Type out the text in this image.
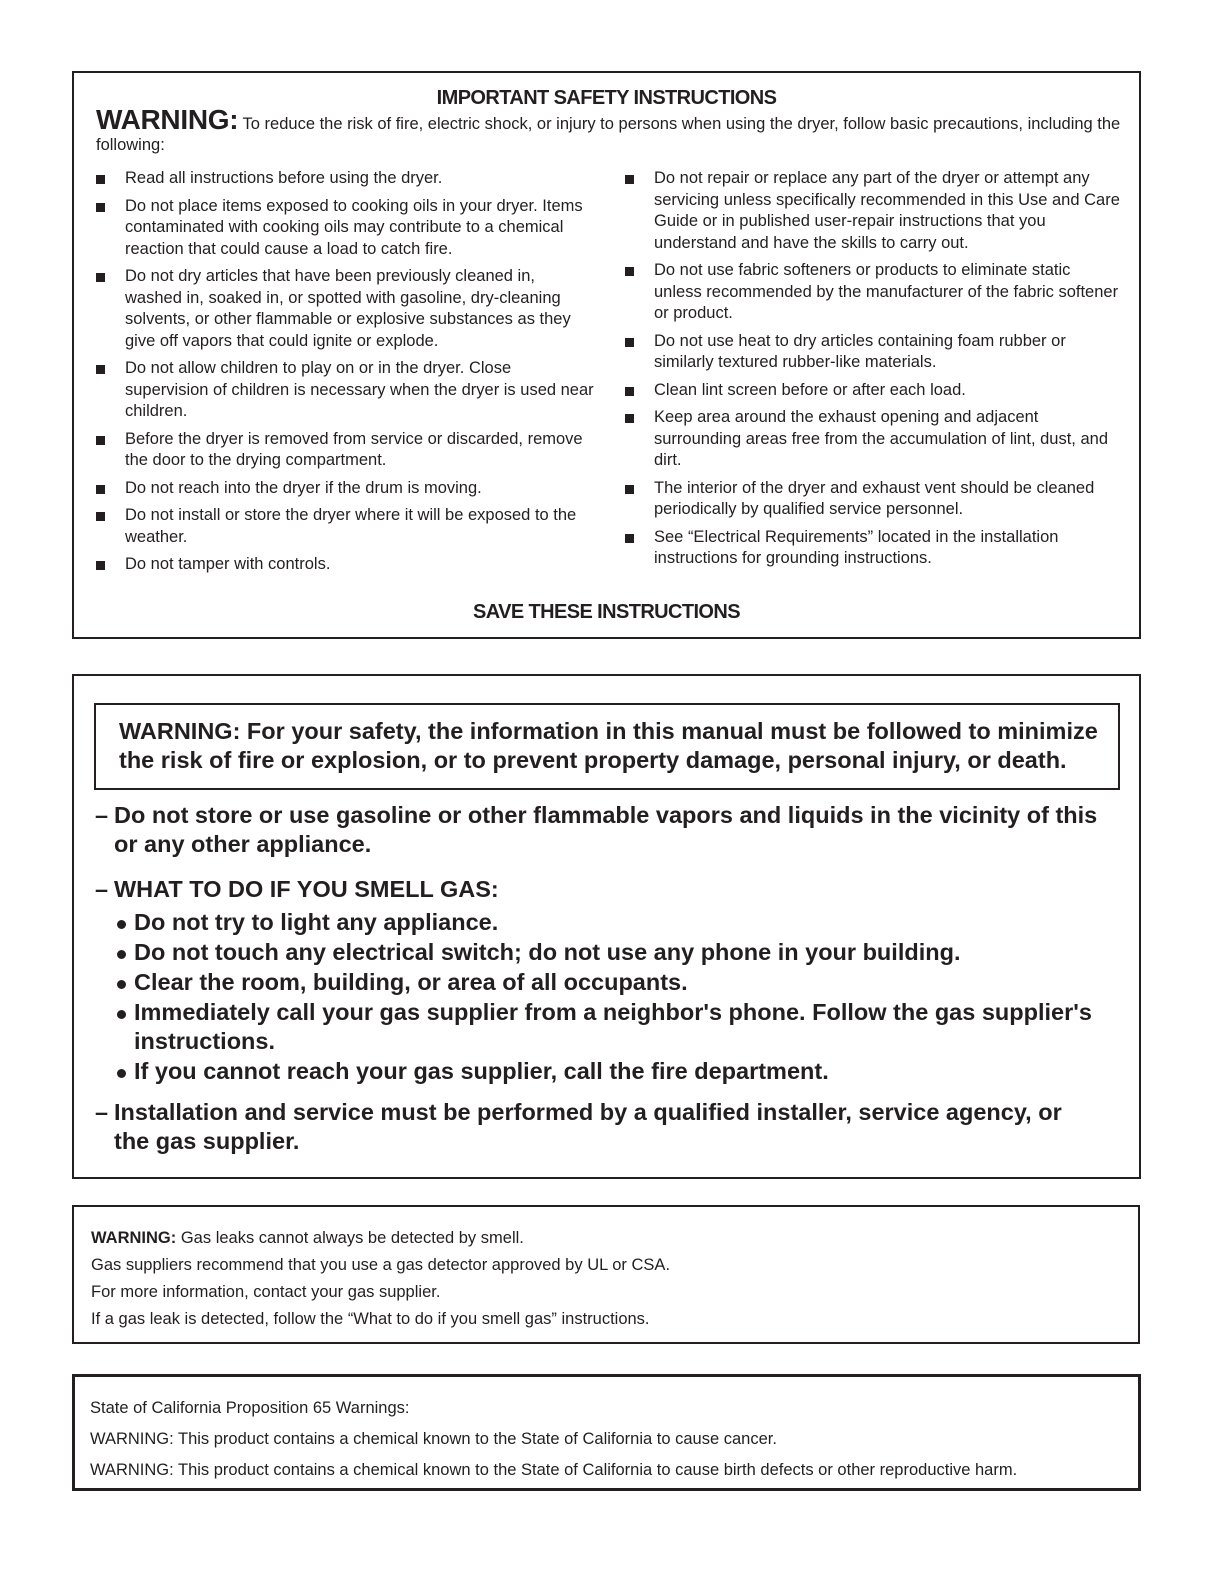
IMPORTANT SAFETY INSTRUCTIONS
WARNING: To reduce the risk of fire, electric shock, or injury to persons when using the dryer, follow basic precautions, including the following:
Read all instructions before using the dryer.
Do not place items exposed to cooking oils in your dryer. Items contaminated with cooking oils may contribute to a chemical reaction that could cause a load to catch fire.
Do not dry articles that have been previously cleaned in, washed in, soaked in, or spotted with gasoline, dry-cleaning solvents, or other flammable or explosive substances as they give off vapors that could ignite or explode.
Do not allow children to play on or in the dryer. Close supervision of children is necessary when the dryer is used near children.
Before the dryer is removed from service or discarded, remove the door to the drying compartment.
Do not reach into the dryer if the drum is moving.
Do not install or store the dryer where it will be exposed to the weather.
Do not tamper with controls.
Do not repair or replace any part of the dryer or attempt any servicing unless specifically recommended in this Use and Care Guide or in published user-repair instructions that you understand and have the skills to carry out.
Do not use fabric softeners or products to eliminate static unless recommended by the manufacturer of the fabric softener or product.
Do not use heat to dry articles containing foam rubber or similarly textured rubber-like materials.
Clean lint screen before or after each load.
Keep area around the exhaust opening and adjacent surrounding areas free from the accumulation of lint, dust, and dirt.
The interior of the dryer and exhaust vent should be cleaned periodically by qualified service personnel.
See “Electrical Requirements” located in the installation instructions for grounding instructions.
SAVE THESE INSTRUCTIONS
WARNING: For your safety, the information in this manual must be followed to minimize the risk of fire or explosion, or to prevent property damage, personal injury, or death.
– Do not store or use gasoline or other flammable vapors and liquids in the vicinity of this
or any other appliance.
– WHAT TO DO IF YOU SMELL GAS:
Do not try to light any appliance.
Do not touch any electrical switch; do not use any phone in your building.
Clear the room, building, or area of all occupants.
Immediately call your gas supplier from a neighbor's phone. Follow the gas supplier's instructions.
If you cannot reach your gas supplier, call the fire department.
– Installation and service must be performed by a qualified installer, service agency, or
the gas supplier.
WARNING: Gas leaks cannot always be detected by smell.
Gas suppliers recommend that you use a gas detector approved by UL or CSA.
For more information, contact your gas supplier.
If a gas leak is detected, follow the “What to do if you smell gas” instructions.
State of California Proposition 65 Warnings:
WARNING: This product contains a chemical known to the State of California to cause cancer.
WARNING: This product contains a chemical known to the State of California to cause birth defects or other reproductive harm.
